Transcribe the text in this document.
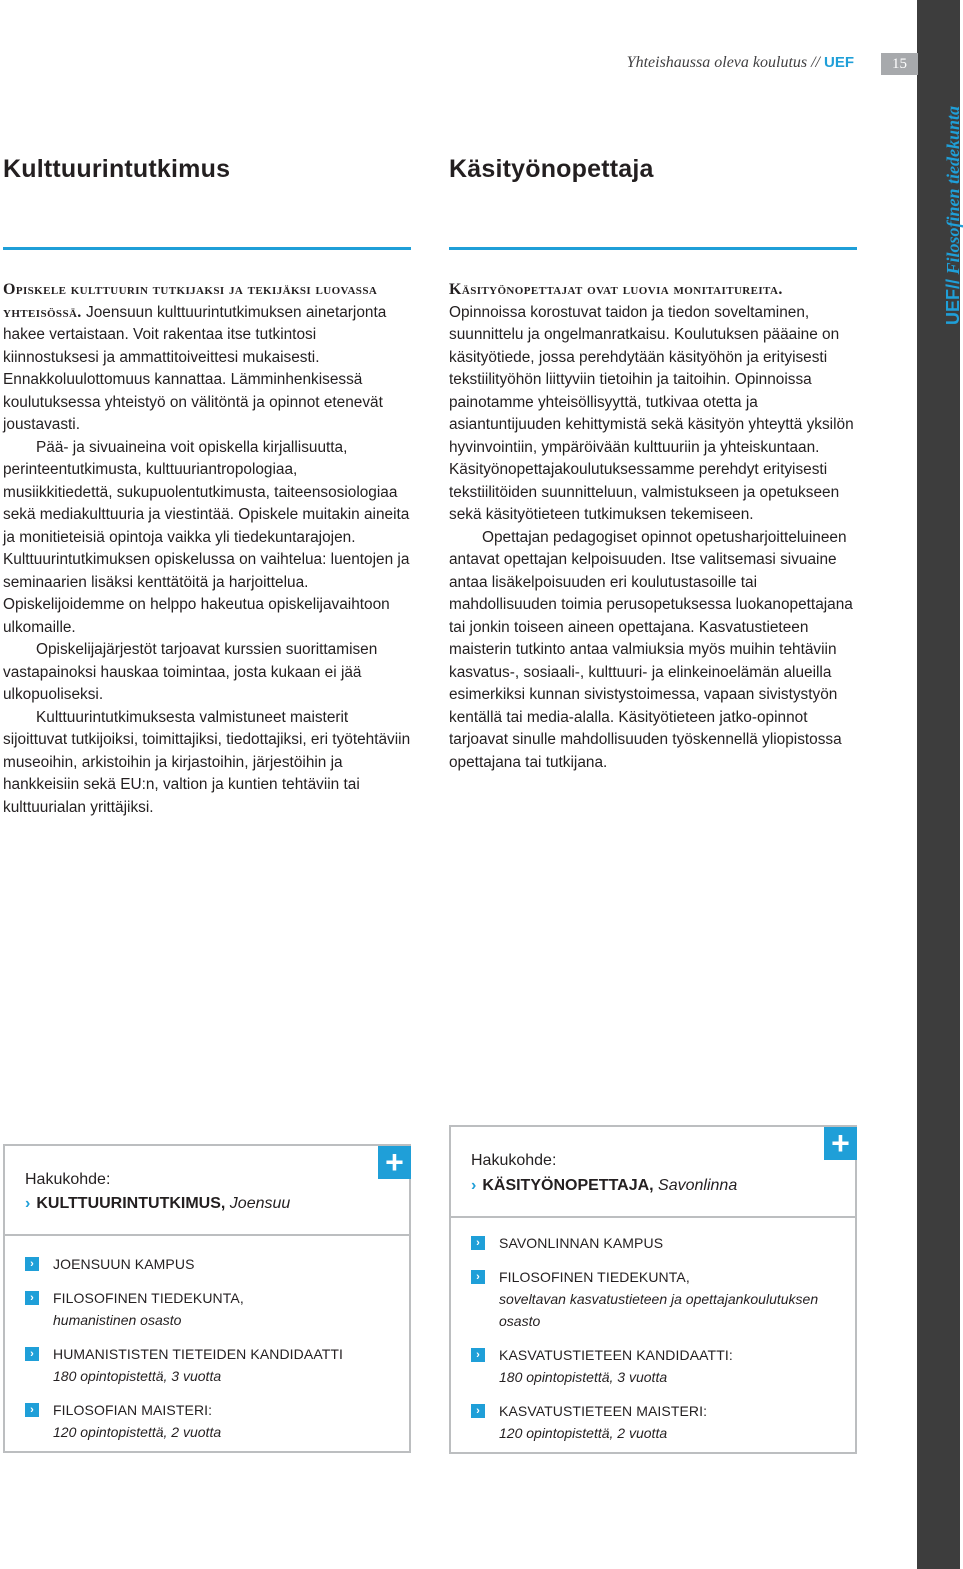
15
UEF// Filosofinen tiedekunta
Yhteishaussa oleva koulutus // UEF
Kulttuurintutkimus

Opiskele kulttuurin tutkijaksi ja tekijäksi luovassa yhteisössä. Joensuun kulttuurintutkimuksen ainetarjonta hakee vertaistaan. Voit rakentaa itse tutkintosi kiinnostuksesi ja ammattitoiveittesi mukaisesti. Ennakkoluulottomuus kannattaa. Lämminhenkisessä koulutuksessa yhteistyö on välitöntä ja opinnot etenevät joustavasti.

Pää- ja sivuaineina voit opiskella kirjallisuutta, perinteentutkimusta, kulttuuriantropologiaa, musiikkitiedettä, sukupuolentutkimusta, taiteensosiologiaa sekä mediakulttuuria ja viestintää. Opiskele muitakin aineita ja monitieteisiä opintoja vaikka yli tiedekuntarajojen. Kulttuurintutkimuksen opiskelussa on vaihtelua: luentojen ja seminaarien lisäksi kenttätöitä ja harjoittelua. Opiskelijoidemme on helppo hakeutua opiskelijavaihtoon ulkomaille.

Opiskelijajärjestöt tarjoavat kurssien suorittamisen vastapainoksi hauskaa toimintaa, josta kukaan ei jää ulkopuoliseksi.

Kulttuurintutkimuksesta valmistuneet maisterit sijoittuvat tutkijoiksi, toimittajiksi, tiedottajiksi, eri työtehtäviin museoihin, arkistoihin ja kirjastoihin, järjestöihin ja hankkeisiin sekä EU:n, valtion ja kuntien tehtäviin tai kulttuurialan yrittäjiksi.

Käsityönopettaja

Käsityönopettajat ovat luovia monitaitureita. Opinnoissa korostuvat taidon ja tiedon soveltaminen, suunnittelu ja ongelmanratkaisu. Koulutuksen pääaine on käsityötiede, jossa perehdytään käsityöhön ja erityisesti tekstiilityöhön liittyviin tietoihin ja taitoihin. Opinnoissa painotamme yhteisöllisyyttä, tutkivaa otetta ja asiantuntijuuden kehittymistä sekä käsityön yhteyttä yksilön hyvinvointiin, ympäröivään kulttuuriin ja yhteiskuntaan. Käsityönopettajakoulutuksessamme perehdyt erityisesti tekstiilitöiden suunnitteluun, valmistukseen ja opetukseen sekä käsityötieteen tutkimuksen tekemiseen.

Opettajan pedagogiset opinnot opetusharjoitteluineen antavat opettajan kelpoisuuden. Itse valitsemasi sivuaine antaa lisäkelpoisuuden eri koulutustasoille tai mahdollisuuden toimia perusopetuksessa luokanopettajana tai jonkin toiseen aineen opettajana. Kasvatustieteen maisterin tutkinto antaa valmiuksia myös muihin tehtäviin kasvatus-, sosiaali-, kulttuuri- ja elinkeinoelämän alueilla esimerkiksi kunnan sivistystoimessa, vapaan sivistystyön kentällä tai media-alalla. Käsityötieteen jatko-opinnot tarjoavat sinulle mahdollisuuden työskennellä yliopistossa opettajana tai tutkijana.

+
Hakukohde:
› KULTTUURINTUTKIMUS, Joensuu
›	JOENSUUN KAMPUS
›	FILOSOFINEN TIEDEKUNTA,
humanistinen osasto
›	HUMANISTISTEN TIETEIDEN KANDIDAATTI
180 opintopistettä, 3 vuotta
›	FILOSOFIAN MAISTERI:
120 opintopistettä, 2 vuotta
+
Hakukohde:
› KÄSITYÖNOPETTAJA, Savonlinna
›	SAVONLINNAN KAMPUS
›	FILOSOFINEN TIEDEKUNTA,
soveltavan kasvatustieteen ja opettajankoulutuksen osasto
›	KASVATUSTIETEEN KANDIDAATTI:
180 opintopistettä, 3 vuotta
›	KASVATUSTIETEEN MAISTERI:
120 opintopistettä, 2 vuotta
